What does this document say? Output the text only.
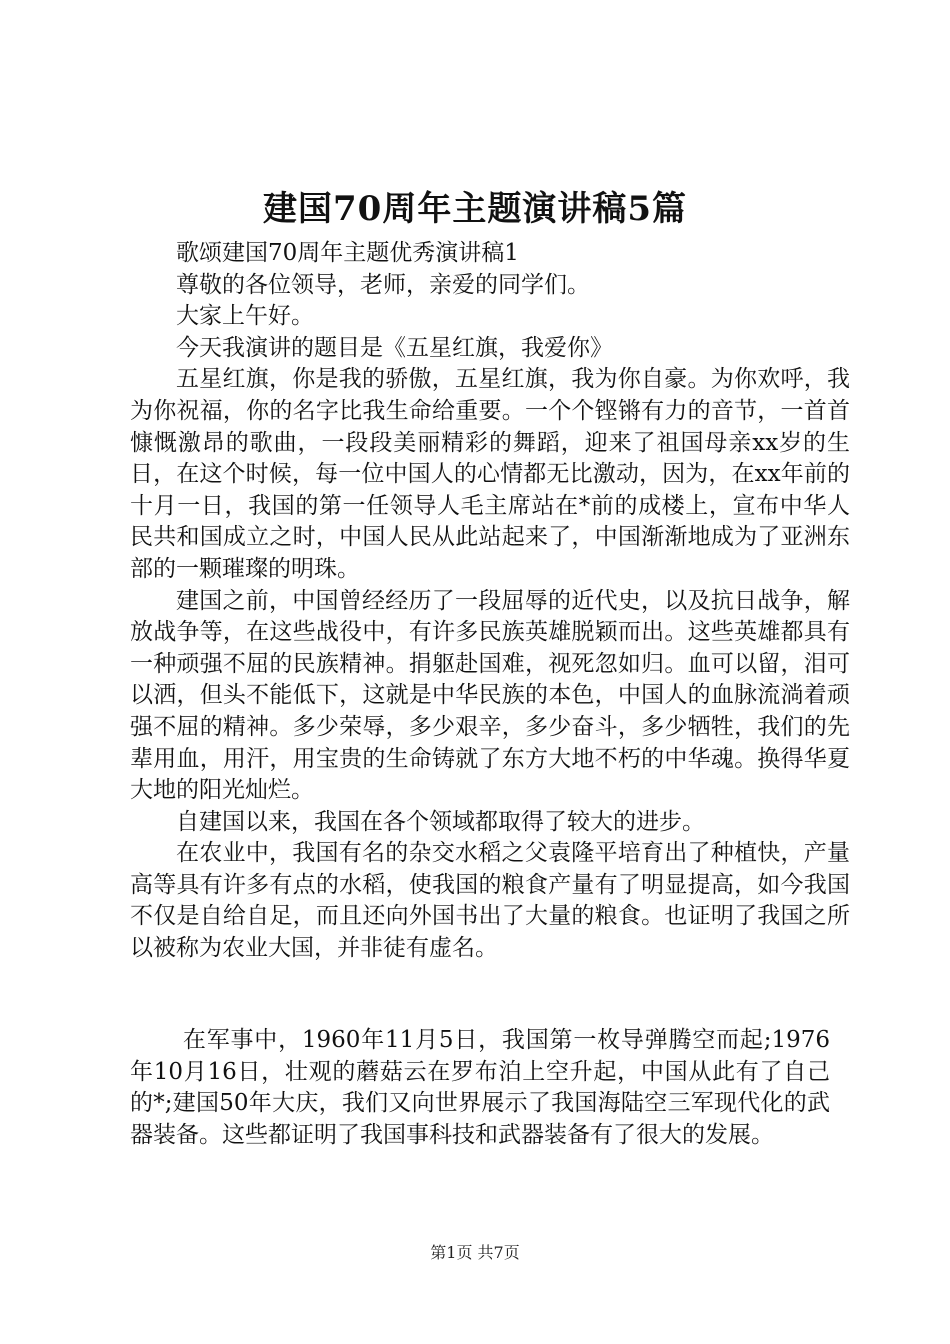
建国70周年主题演讲稿5篇

歌颂建国70周年主题优秀演讲稿1

尊敬的各位领导，老师，亲爱的同学们。

大家上午好。

今天我演讲的题目是《五星红旗，我爱你》

五星红旗，你是我的骄傲，五星红旗，我为你自豪。为你欢呼，我为你祝福，你的名字比我生命给重要。一个个铿锵有力的音节，一首首慷慨激昂的歌曲，一段段美丽精彩的舞蹈，迎来了祖国母亲xx岁的生日，在这个时候，每一位中国人的心情都无比激动，因为，在xx年前的十月一日，我国的第一任领导人毛主席站在*前的成楼上，宣布中华人民共和国成立之时，中国人民从此站起来了，中国渐渐地成为了亚洲东部的一颗璀璨的明珠。

建国之前，中国曾经经历了一段屈辱的近代史，以及抗日战争，解放战争等，在这些战役中，有许多民族英雄脱颖而出。这些英雄都具有一种顽强不屈的民族精神。捐躯赴国难，视死忽如归。血可以留，泪可以洒，但头不能低下，这就是中华民族的本色，中国人的血脉流淌着顽强不屈的精神。多少荣辱，多少艰辛，多少奋斗，多少牺牲，我们的先辈用血，用汗，用宝贵的生命铸就了东方大地不朽的中华魂。换得华夏大地的阳光灿烂。

自建国以来，我国在各个领域都取得了较大的进步。

在农业中，我国有名的杂交水稻之父袁隆平培育出了种植快，产量高等具有许多有点的水稻，使我国的粮食产量有了明显提高，如今我国不仅是自给自足，而且还向外国书出了大量的粮食。也证明了我国之所以被称为农业大国，并非徒有虚名。

在军事中，1960年11月5日，我国第一枚导弹腾空而起;1976年10月16日，壮观的蘑菇云在罗布泊上空升起，中国从此有了自己的*;建国50年大庆，我们又向世界展示了我国海陆空三军现代化的武器装备。这些都证明了我国事科技和武器装备有了很大的发展。

第1页 共7页
